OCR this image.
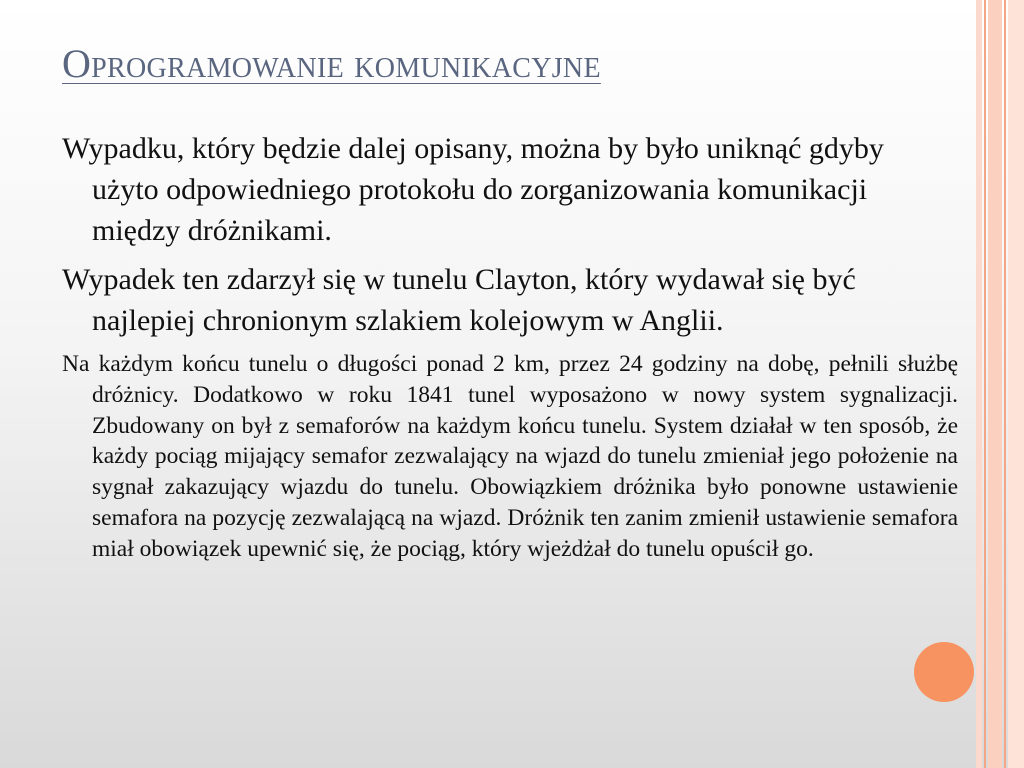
Oprogramowanie komunikacyjne

Wypadku, który będzie dalej opisany, można by było uniknąć gdyby użyto odpowiedniego protokołu do zorganizowania komunikacji między dróżnikami.

Wypadek ten zdarzył się w tunelu Clayton, który wydawał się być najlepiej chronionym szlakiem kolejowym w Anglii.

Na każdym końcu tunelu o długości ponad 2 km, przez 24 godziny na dobę, pełnili służbę dróżnicy. Dodatkowo w roku 1841 tunel wyposażono w nowy system sygnalizacji. Zbudowany on był z semaforów na każdym końcu tunelu. System działał w ten sposób, że każdy pociąg mijający semafor zezwalający na wjazd do tunelu zmieniał jego położenie na sygnał zakazujący wjazdu do tunelu. Obowiązkiem dróżnika było ponowne ustawienie semafora na pozycję zezwalającą na wjazd. Dróżnik ten zanim zmienił ustawienie semafora miał obowiązek upewnić się, że pociąg, który wjeżdżał do tunelu opuścił go.
